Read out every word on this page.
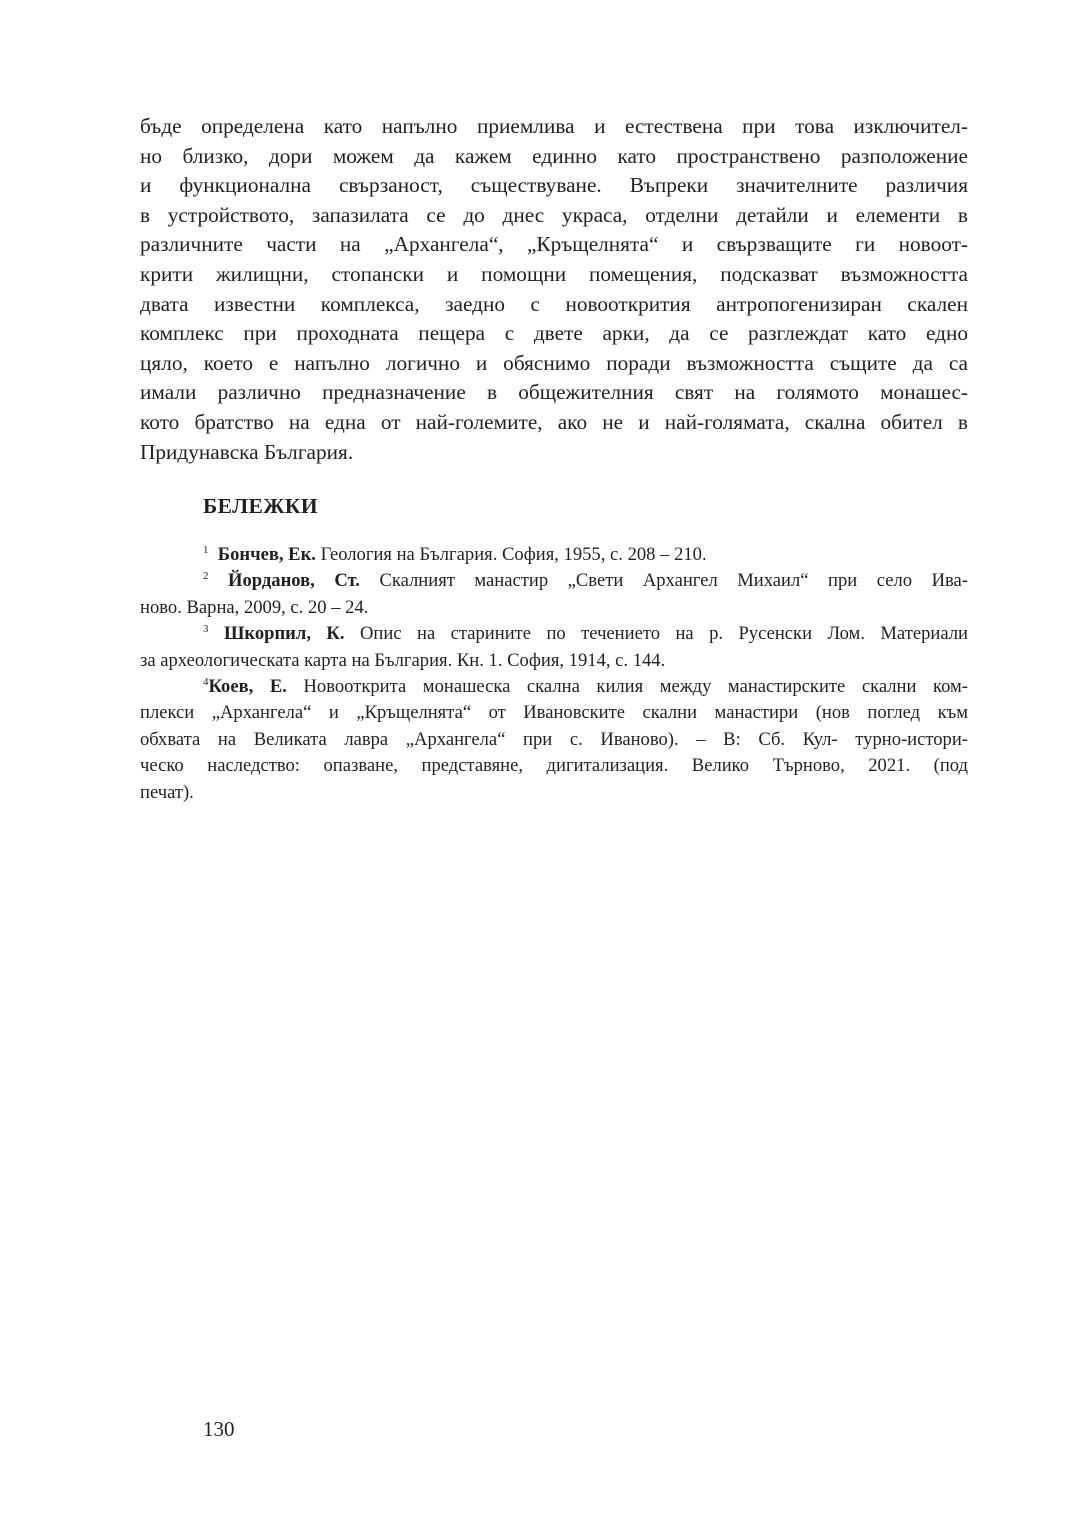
бъде определена като напълно приемлива и естествена при това изключител-
но близко, дори можем да кажем единно като пространствено разположение
и функционална свързаност, съществуване. Въпреки значителните различия
в устройството, запазилата се до днес украса, отделни детайли и елементи в
различните части на „Архангела“, „Кръщелнята“ и свързващите ги новоот-
крити жилищни, стопански и помощни помещения, подсказват възможността
двата известни комплекса, заедно с новооткрития антропогенизиран скален
комплекс при проходната пещера с двете арки, да се разглеждат като едно
цяло, което е напълно логично и обяснимо поради възможността същите да са
имали различно предназначение в общежителния свят на голямото монашес-
кото братство на една от най-големите, ако не и най-голямата, скална обител в
Придунавска България.

БЕЛЕЖКИ

$^1$ Бончев, Ек. Геология на България. София, 1955, с. 208 – 210.

$^2$ Йорданов, Ст. Скалният манастир „Свети Архангел Михаил“ при село Ива-
ново. Варна, 2009, с. 20 – 24.

$^3$ Шкорпил, К. Опис на старините по течението на р. Русенски Лом. Материали
за археологическата карта на България. Кн. 1. София, 1914, с. 144.

$^4$Коев, Е. Новооткрита монашеска скална килия между манастирските скални ком-
плекси „Архангела“ и „Кръщелнята“ от Ивановските скални манастири (нов поглед към
обхвата на Великата лавра „Архангела“ при с. Иваново). – В: Сб. Кул- турно-истори-
ческо наследство: опазване, представяне, дигитализация. Велико Търново, 2021. (под
печат).

130
